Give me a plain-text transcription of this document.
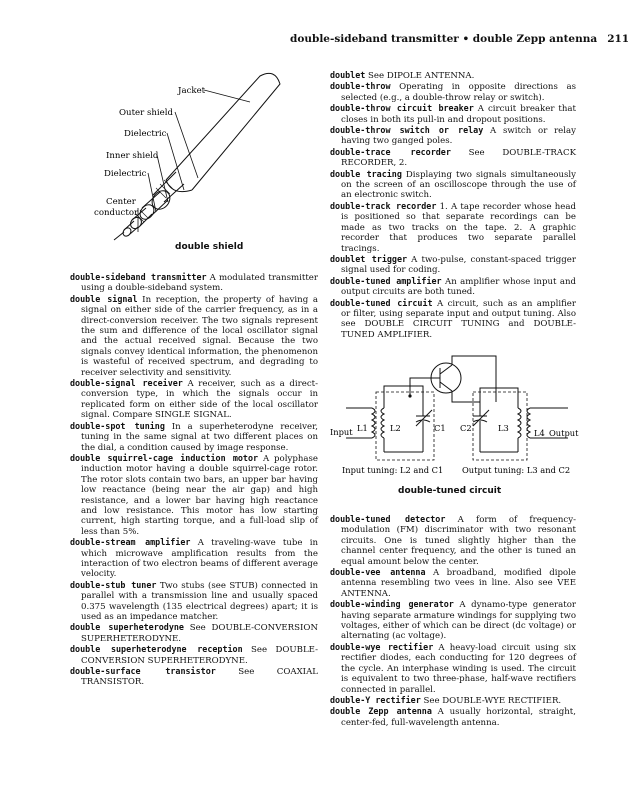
double-sideband transmitter • double Zepp antenna 211
Jacket
Outer shield
Dielectric
Inner shield
Dielectric
Center
conductor
double shield

double-sideband transmitter A modulated transmitter using a double-sideband system.

double signal In reception, the property of having a signal on either side of the carrier frequency, as in a direct-conversion receiver. The two signals represent the sum and difference of the local oscillator signal and the actual received signal. Because the two signals convey identical information, the phenomenon is wasteful of received spectrum, and degrading to receiver selectivity and sensitivity.

double-signal receiver A receiver, such as a direct-conversion type, in which the signals occur in replicated form on either side of the local oscillator signal. Compare SINGLE SIGNAL.

double-spot tuning In a superheterodyne receiver, tuning in the same signal at two different places on the dial, a condition caused by image response.

double squirrel-cage induction motor A polyphase induction motor having a double squirrel-cage rotor. The rotor slots contain two bars, an upper bar having low reactance (being near the air gap) and high resistance, and a lower bar having high reactance and low resistance. This motor has low starting current, high starting torque, and a full-load slip of less than 5%.

double-stream amplifier A traveling-wave tube in which microwave amplification results from the interaction of two electron beams of different average velocity.

double-stub tuner Two stubs (see STUB) connected in parallel with a transmission line and usually spaced 0.375 wavelength (135 electrical degrees) apart; it is used as an impedance matcher.

double superheterodyne See DOUBLE-CONVERSION SUPERHETERODYNE.

double superheterodyne reception See DOUBLE-CONVERSION SUPERHETERODYNE.

double-surface transistor See COAXIAL TRANSISTOR.

doublet See DIPOLE ANTENNA.

double-throw Operating in opposite directions as selected (e.g., a double-throw relay or switch).

double-throw circuit breaker A circuit breaker that closes in both its pull-in and dropout positions.

double-throw switch or relay A switch or relay having two ganged poles.

double-trace recorder See DOUBLE-TRACK RECORDER, 2.

double tracing Displaying two signals simultaneously on the screen of an oscilloscope through the use of an electronic switch.

double-track recorder 1. A tape recorder whose head is positioned so that separate recordings can be made as two tracks on the tape. 2. A graphic recorder that produces two separate parallel tracings.

doublet trigger A two-pulse, constant-spaced trigger signal used for coding.

double-tuned amplifier An amplifier whose input and output circuits are both tuned.

double-tuned circuit A circuit, such as an amplifier or filter, using separate input and output tuning. Also see DOUBLE CIRCUIT TUNING and DOUBLE-TUNED AMPLIFIER.

Input L1	L2	C1 C2	L3	L4 Output
Input tuning: L2 and C1 Output tuning: L3 and C2
double-tuned circuit

double-tuned detector A form of frequency-modulation (FM) discriminator with two resonant circuits. One is tuned slightly higher than the channel center frequency, and the other is tuned an equal amount below the center.

double-vee antenna A broadband, modified dipole antenna resembling two vees in line. Also see VEE ANTENNA.

double-winding generator A dynamo-type generator having separate armature windings for supplying two voltages, either of which can be direct (dc voltage) or alternating (ac voltage).

double-wye rectifier A heavy-load circuit using six rectifier diodes, each conducting for 120 degrees of the cycle. An interphase winding is used. The circuit is equivalent to two three-phase, half-wave rectifiers connected in parallel.

double-Y rectifier See DOUBLE-WYE RECTIFIER.

double Zepp antenna A usually horizontal, straight, center-fed, full-wavelength antenna.
